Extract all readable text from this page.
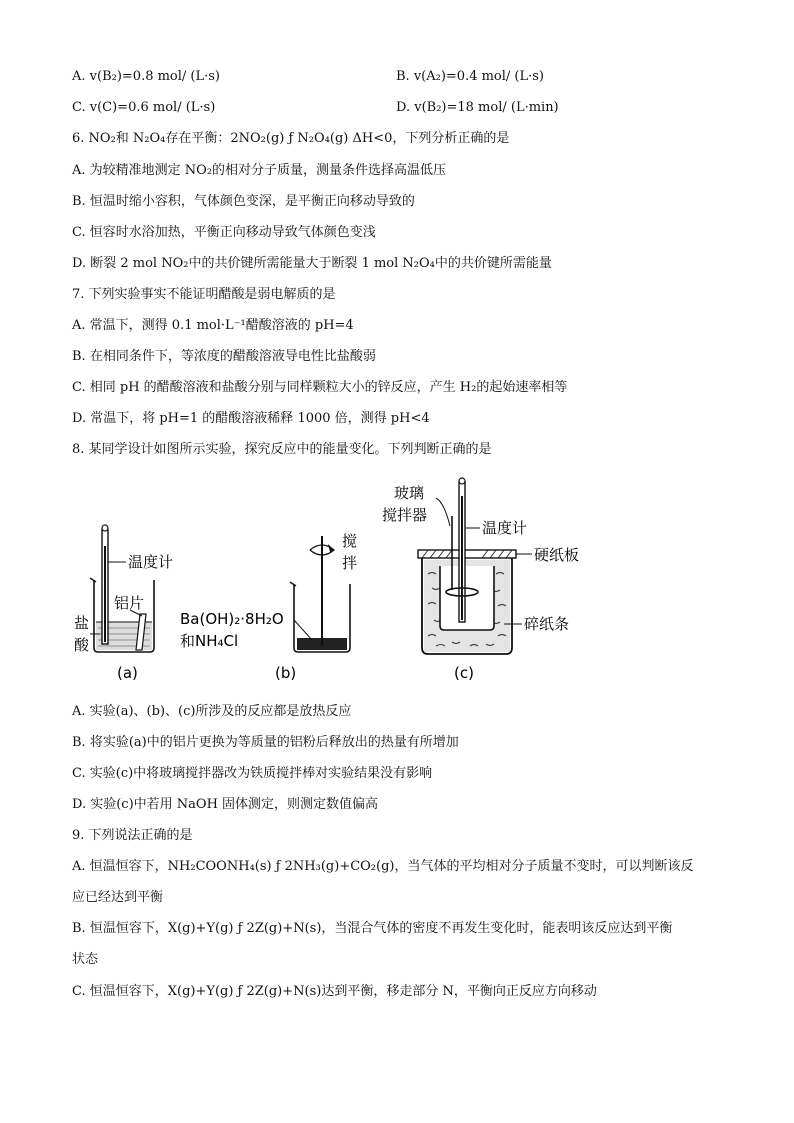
A. v(B₂)=0.8 mol/ (L·s)	B. v(A₂)=0.4 mol/ (L·s)
C. v(C)=0.6 mol/ (L·s)	D. v(B₂)=18 mol/ (L·min)
6. NO₂和 N₂O₄存在平衡：2NO₂(g) ƒ N₂O₄(g) ΔH<0，下列分析正确的是
A. 为较精准地测定 NO₂的相对分子质量，测量条件选择高温低压
B. 恒温时缩小容积，气体颜色变深，是平衡正向移动导致的
C. 恒容时水浴加热，平衡正向移动导致气体颜色变浅
D. 断裂 2 mol NO₂中的共价键所需能量大于断裂 1 mol N₂O₄中的共价键所需能量
7. 下列实验事实不能证明醋酸是弱电解质的是
A. 常温下，测得 0.1 mol·L⁻¹醋酸溶液的 pH=4
B. 在相同条件下，等浓度的醋酸溶液导电性比盐酸弱
C. 相同 pH 的醋酸溶液和盐酸分别与同样颗粒大小的锌反应，产生 H₂的起始速率相等
D. 常温下，将 pH=1 的醋酸溶液稀释 1000 倍，测得 pH<4
8. 某同学设计如图所示实验，探究反应中的能量变化。下列判断正确的是
温度计
铝片
盐
酸
(a)
搅
拌
Ba(OH)₂·8H₂O
和NH₄Cl
(b)
玻璃
搅拌器
温度计
硬纸板
碎纸条
(c)
A. 实验(a)、(b)、(c)所涉及的反应都是放热反应
B. 将实验(a)中的铝片更换为等质量的铝粉后释放出的热量有所增加
C. 实验(c)中将玻璃搅拌器改为铁质搅拌棒对实验结果没有影响
D. 实验(c)中若用 NaOH 固体测定，则测定数值偏高
9. 下列说法正确的是
A. 恒温恒容下，NH₂COONH₄(s) ƒ 2NH₃(g)+CO₂(g)，当气体的平均相对分子质量不变时，可以判断该反
应已经达到平衡
B. 恒温恒容下，X(g)+Y(g) ƒ 2Z(g)+N(s)，当混合气体的密度不再发生变化时，能表明该反应达到平衡
状态
C. 恒温恒容下，X(g)+Y(g) ƒ 2Z(g)+N(s)达到平衡，移走部分 N，平衡向正反应方向移动
